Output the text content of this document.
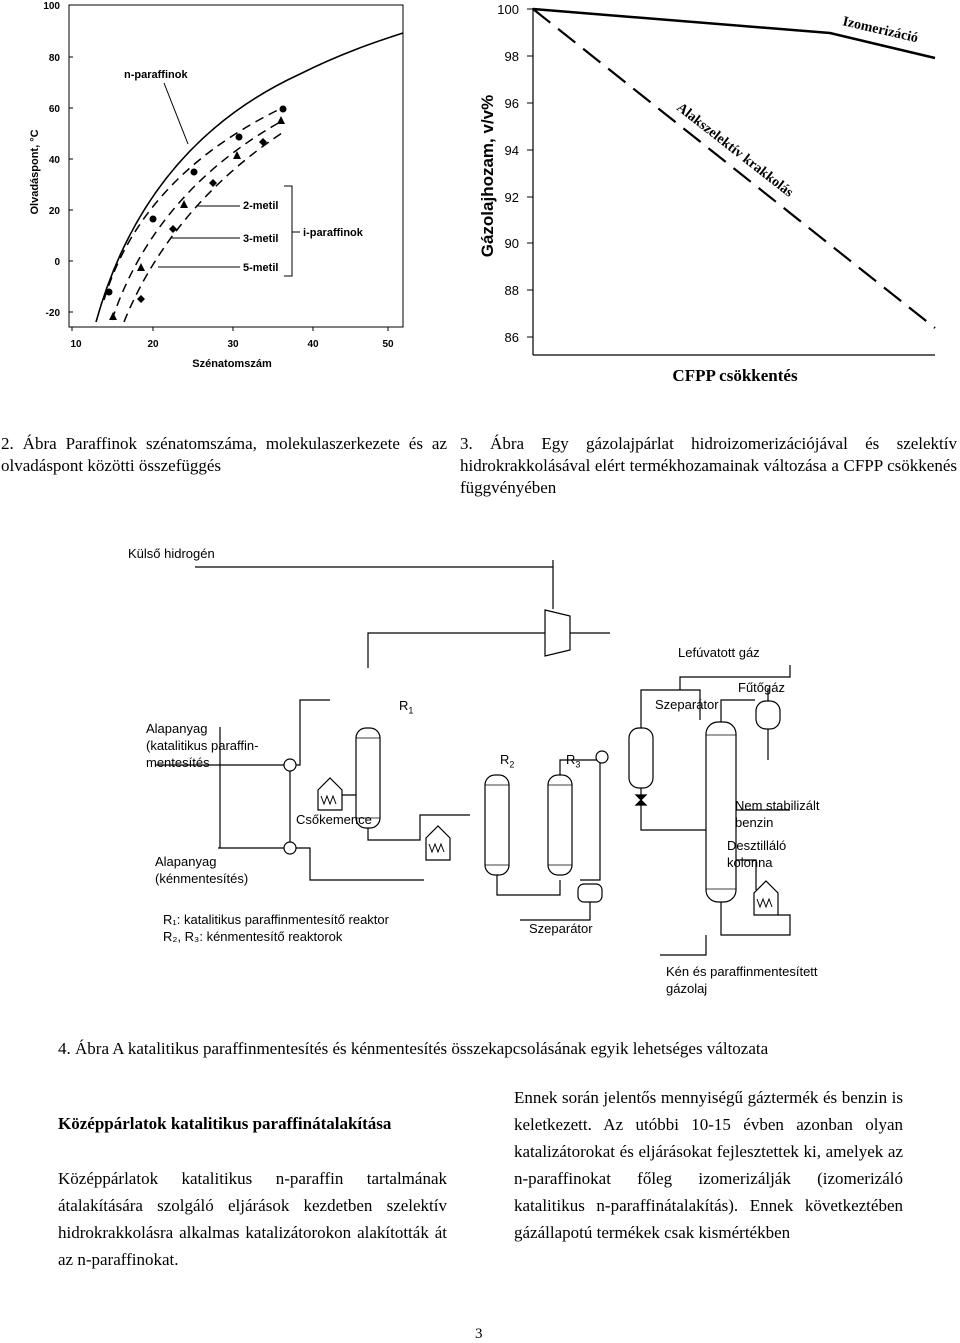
100
80
60
40
20
0
-20
10	20	30	40	50
Szénatomszám
Olvadáspont, °C
n-paraffinok
2-metil
3-metil
5-metil
i-paraffinok
100
98
96
94
92
90
88
86
Gázolajhozam, v/v%
CFPP csökkentés
Izomerizáció
Alakszelektív krakkolás
2. Ábra Paraffinok szénatomszáma, molekulaszerkezete és az olvadáspont közötti összefüggés
3. Ábra Egy gázolajpárlat hidroizomerizációjával és szelektív hidrokrakkolásával elért termékhozamainak változása a CFPP csökkenés függvényében
Külső hidrogén
Lefúvatott gáz
Fűtőgáz
Szeparátor
Alapanyag
(katalitikus paraffin-
mentesítés
$R_1$
$R_2$	$R_3$
Csőkemence
Nem stabilizált
benzin
Desztilláló
kolonna
Alapanyag
(kénmentesítés)
R₁: katalitikus paraffinmentesítő reaktor
R₂, R₃: kénmentesítő reaktorok
Szeparátor
Kén és paraffinmentesített
gázolaj
4. Ábra A katalitikus paraffinmentesítés és kénmentesítés összekapcsolásának egyik lehetséges változata
Középpárlatok katalitikus paraffinátalakítása
Középpárlatok katalitikus n-paraffin tartalmának átalakítására szolgáló eljárások kezdetben szelektív hidrokrakkolásra alkalmas katalizátorokon alakították át az n-paraffinokat.
Ennek során jelentős mennyiségű gáztermék és benzin is keletkezett. Az utóbbi 10-15 évben azonban olyan katalizátorokat és eljárásokat fejlesztettek ki, amelyek az n-paraffinokat főleg izomerizálják (izomerizáló katalitikus n-paraffinátalakítás). Ennek következtében gázállapotú termékek csak kismértékben
3
